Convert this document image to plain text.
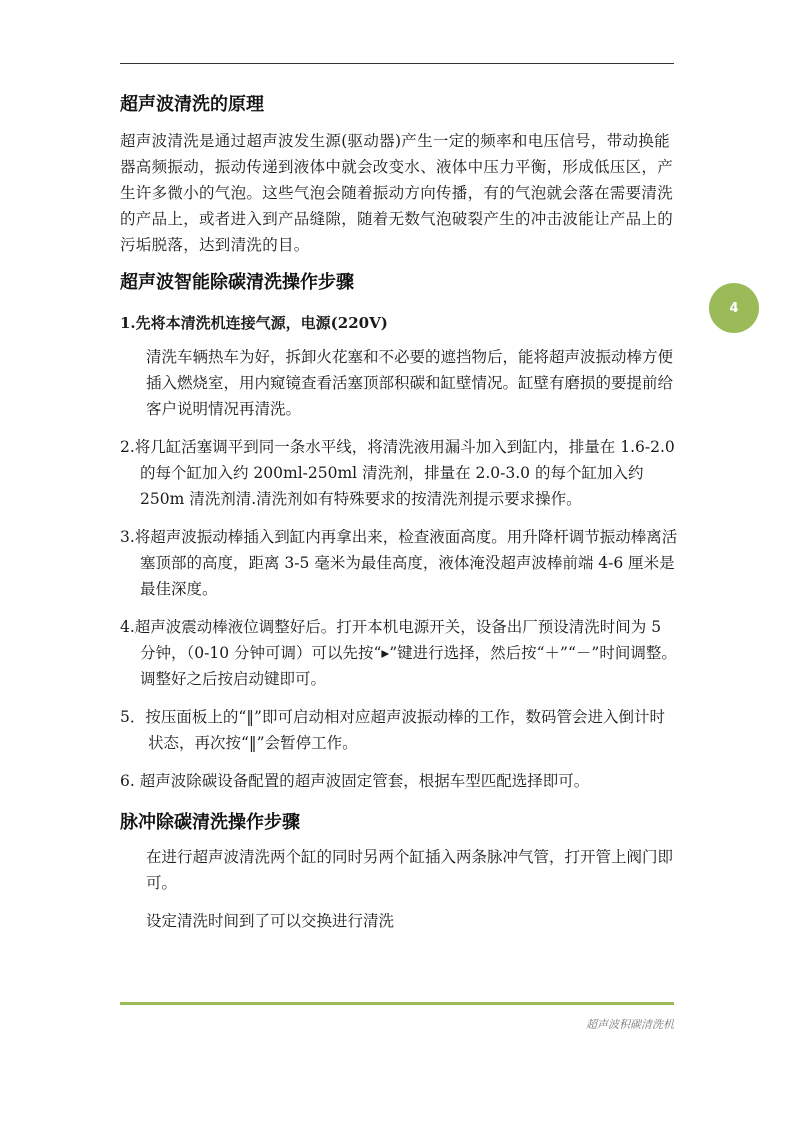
4
超声波清洗的原理

超声波清洗是通过超声波发生源(驱动器)产生一定的频率和电压信号，带动换能器高频振动，振动传递到液体中就会改变水、液体中压力平衡，形成低压区，产生许多微小的气泡。这些气泡会随着振动方向传播，有的气泡就会落在需要清洗的产品上，或者进入到产品缝隙，随着无数气泡破裂产生的冲击波能让产品上的污垢脱落，达到清洗的目。

超声波智能除碳清洗操作步骤
1.先将本清洗机连接气源，电源(220V)

清洗车辆热车为好，拆卸火花塞和不必要的遮挡物后，能将超声波振动棒方便插入燃烧室，用内窥镜查看活塞顶部积碳和缸壁情况。缸壁有磨损的要提前给客户说明情况再清洗。

2.将几缸活塞调平到同一条水平线，将清洗液用漏斗加入到缸内，排量在 1.6-2.0 的每个缸加入约 200ml-250ml 清洗剂，排量在 2.0-3.0 的每个缸加入约 250m 清洗剂清.清洗剂如有特殊要求的按清洗剂提示要求操作。

3.将超声波振动棒插入到缸内再拿出来，检查液面高度。用升降杆调节振动棒离活塞顶部的高度，距离 3-5 毫米为最佳高度，液体淹没超声波棒前端 4-6 厘米是最佳深度。

4.超声波震动棒液位调整好后。打开本机电源开关，设备出厂预设清洗时间为 5 分钟，（0-10 分钟可调）可以先按“▸”键进行选择，然后按“＋”“－”时间调整。调整好之后按启动键即可。

5．按压面板上的“‖”即可启动相对应超声波振动棒的工作，数码管会进入倒计时状态，再次按“‖”会暂停工作。

6. 超声波除碳设备配置的超声波固定管套，根据车型匹配选择即可。

脉冲除碳清洗操作步骤

在进行超声波清洗两个缸的同时另两个缸插入两条脉冲气管，打开管上阀门即可。

设定清洗时间到了可以交换进行清洗

超声波积碳清洗机
